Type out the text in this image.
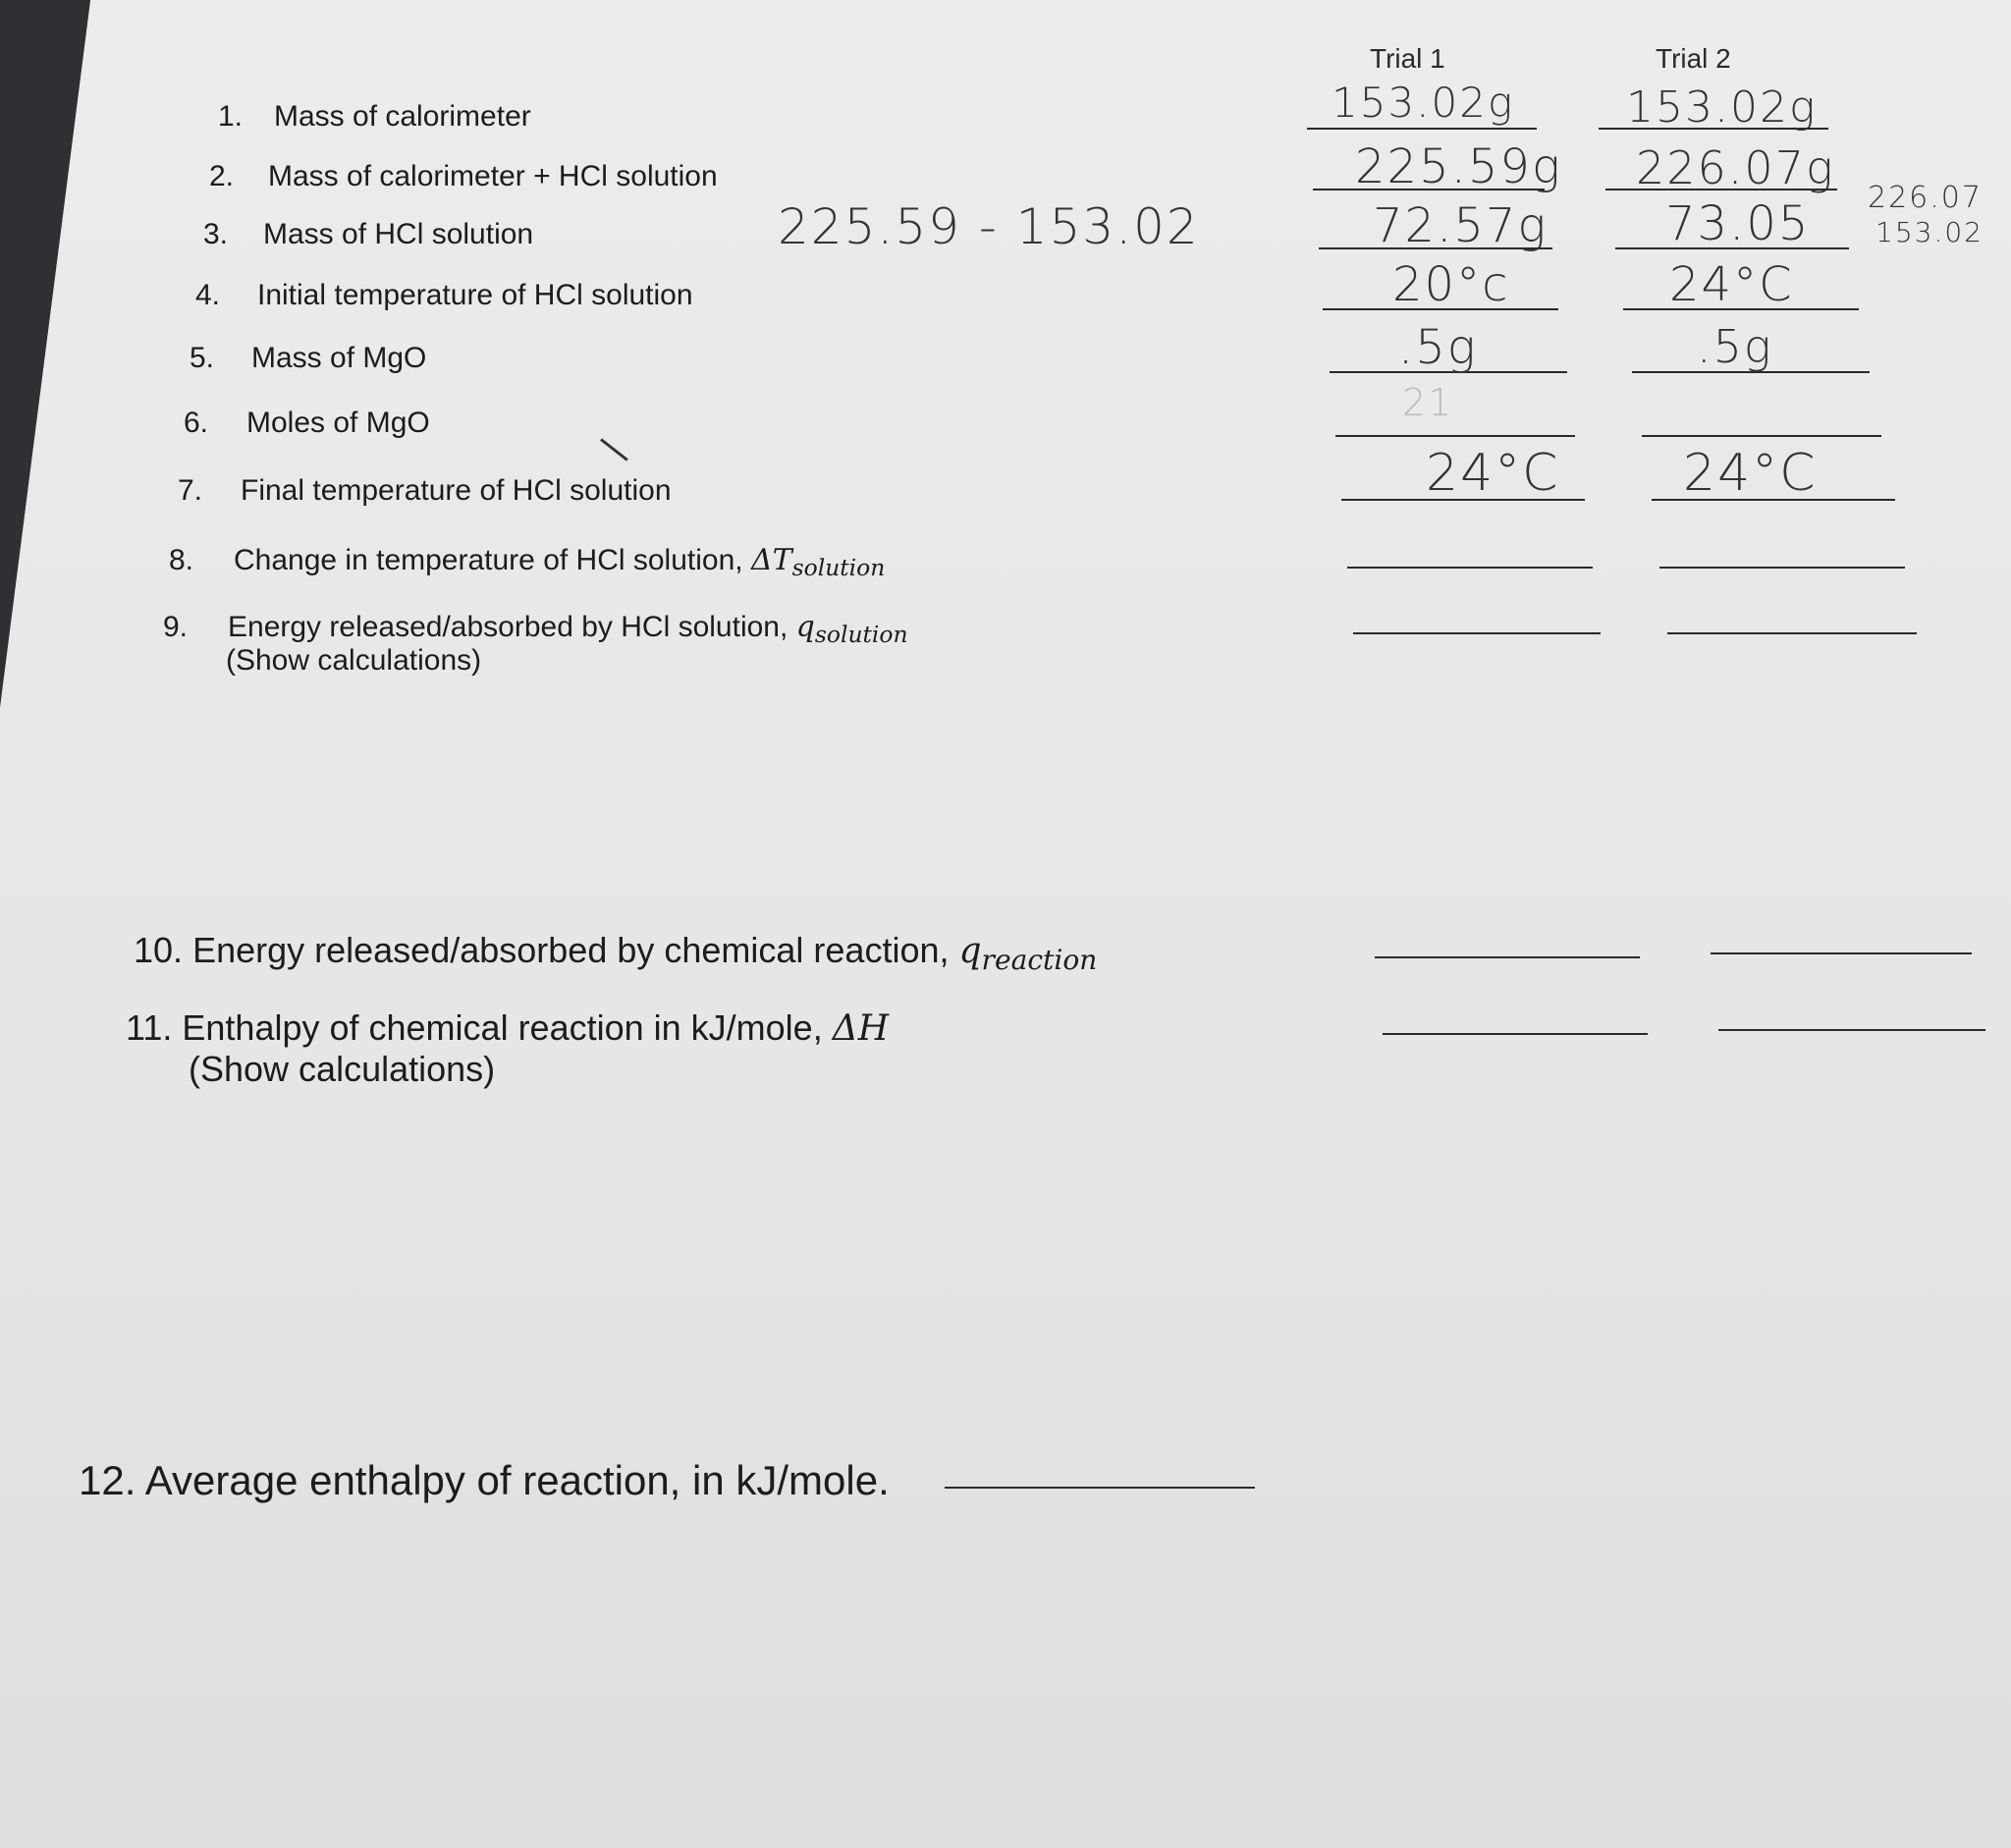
Trial 1	Trial 2
1. Mass of calorimeter
2. Mass of calorimeter + HCl solution
3. Mass of HCl solution
4. Initial temperature of HCl solution
5. Mass of MgO
6. Moles of MgO
7. Final temperature of HCl solution
8. Change in temperature of HCl solution, $\Delta T_{solution}$
9. Energy released/absorbed by HCl solution, $q_{solution}$
(Show calculations)
10. Energy released/absorbed by chemical reaction, $q_{reaction}$
11. Enthalpy of chemical reaction in kJ/mole, ΔH
(Show calculations)
12. Average enthalpy of reaction, in kJ/mole.
153.02g
225.59g
72.57g
20°c
.5g
24°C
153.02g
226.07g
73.05
24°C
.5g
24°C
225.59 - 153.02
226.07
153.02
21
